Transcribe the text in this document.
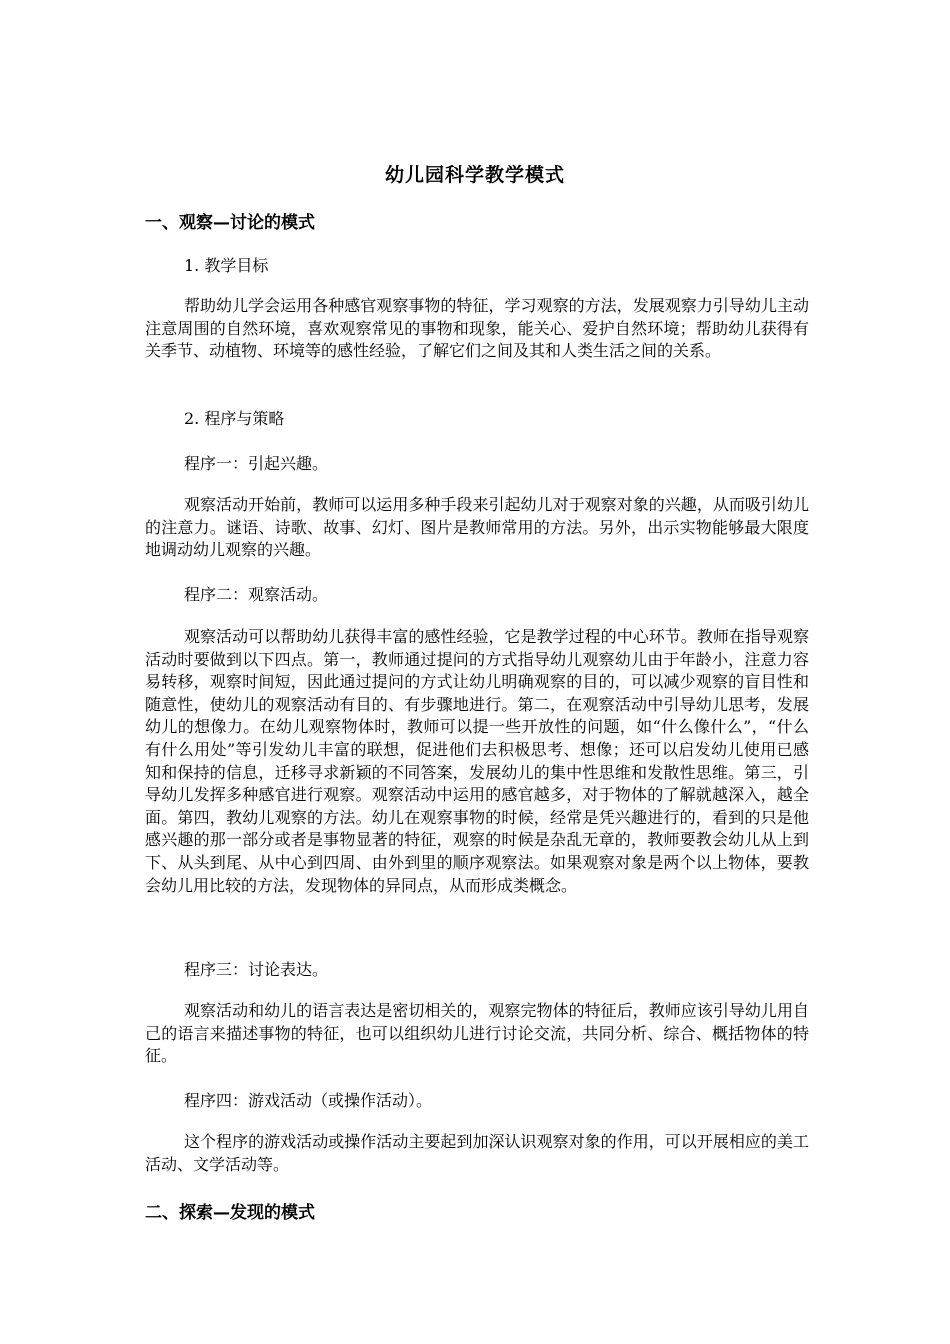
幼儿园科学教学模式
一、观察—讨论的模式
1. 教学目标
帮助幼儿学会运用各种感官观察事物的特征，学习观察的方法，发展观察力引导幼儿主动注意周围的自然环境，喜欢观察常见的事物和现象，能关心、爱护自然环境；帮助幼儿获得有关季节、动植物、环境等的感性经验，了解它们之间及其和人类生活之间的关系。
2. 程序与策略
程序一：引起兴趣。
观察活动开始前，教师可以运用多种手段来引起幼儿对于观察对象的兴趣，从而吸引幼儿的注意力。谜语、诗歌、故事、幻灯、图片是教师常用的方法。另外，出示实物能够最大限度地调动幼儿观察的兴趣。
程序二：观察活动。
观察活动可以帮助幼儿获得丰富的感性经验，它是教学过程的中心环节。教师在指导观察活动时要做到以下四点。第一，教师通过提问的方式指导幼儿观察幼儿由于年龄小，注意力容易转移，观察时间短，因此通过提问的方式让幼儿明确观察的目的，可以减少观察的盲目性和随意性，使幼儿的观察活动有目的、有步骤地进行。第二，在观察活动中引导幼儿思考，发展幼儿的想像力。在幼儿观察物体时，教师可以提一些开放性的问题，如“什么像什么”，“什么有什么用处”等引发幼儿丰富的联想，促进他们去积极思考、想像；还可以启发幼儿使用已感知和保持的信息，迁移寻求新颖的不同答案，发展幼儿的集中性思维和发散性思维。第三，引导幼儿发挥多种感官进行观察。观察活动中运用的感官越多，对于物体的了解就越深入，越全面。第四，教幼儿观察的方法。幼儿在观察事物的时候，经常是凭兴趣进行的，看到的只是他感兴趣的那一部分或者是事物显著的特征，观察的时候是杂乱无章的，教师要教会幼儿从上到下、从头到尾、从中心到四周、由外到里的顺序观察法。如果观察对象是两个以上物体，要教会幼儿用比较的方法，发现物体的异同点，从而形成类概念。
程序三：讨论表达。
观察活动和幼儿的语言表达是密切相关的，观察完物体的特征后，教师应该引导幼儿用自己的语言来描述事物的特征，也可以组织幼儿进行讨论交流，共同分析、综合、概括物体的特征。
程序四：游戏活动（或操作活动）。
这个程序的游戏活动或操作活动主要起到加深认识观察对象的作用，可以开展相应的美工活动、文学活动等。
二、探索—发现的模式
